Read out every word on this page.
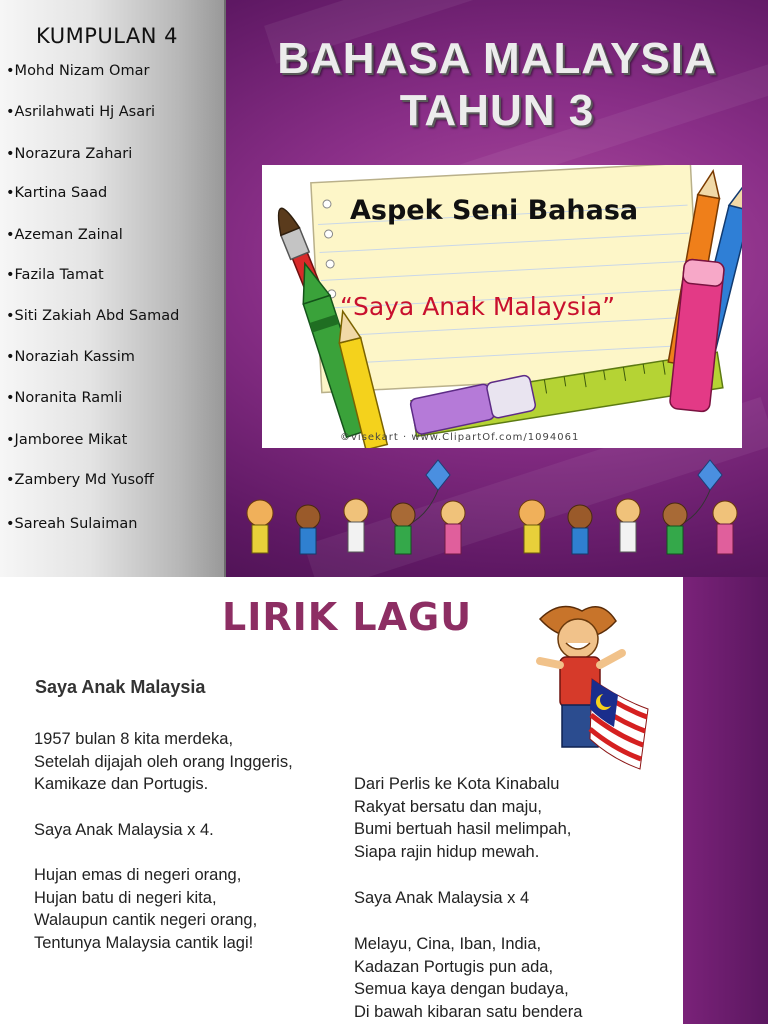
KUMPULAN 4
•Mohd Nizam Omar
•Asrilahwati Hj Asari
•Norazura Zahari
•Kartina Saad
•Azeman Zainal
•Fazila Tamat
•Siti Zakiah Abd Samad
•Noraziah Kassim
•Noranita Ramli
•Jamboree Mikat
•Zambery Md Yusoff
•Sareah Sulaiman
BAHASA MALAYSIA
TAHUN 3
Aspek Seni Bahasa
“Saya Anak Malaysia”
©visekart · www.ClipartOf.com/1094061
LIRIK LAGU
Saya Anak Malaysia
1957 bulan 8 kita merdeka,
Setelah dijajah oleh orang Inggeris,
Kamikaze dan Portugis.
Saya Anak Malaysia x 4.
Hujan emas di negeri orang,
Hujan batu di negeri kita,
Walaupun cantik negeri orang,
Tentunya Malaysia cantik lagi!
Dari Perlis ke Kota Kinabalu
Rakyat bersatu dan maju,
Bumi bertuah hasil melimpah,
Siapa rajin hidup mewah.
Saya Anak Malaysia x 4
Melayu, Cina, Iban, India,
Kadazan Portugis pun ada,
Semua kaya dengan budaya,
Di bawah kibaran satu bendera
